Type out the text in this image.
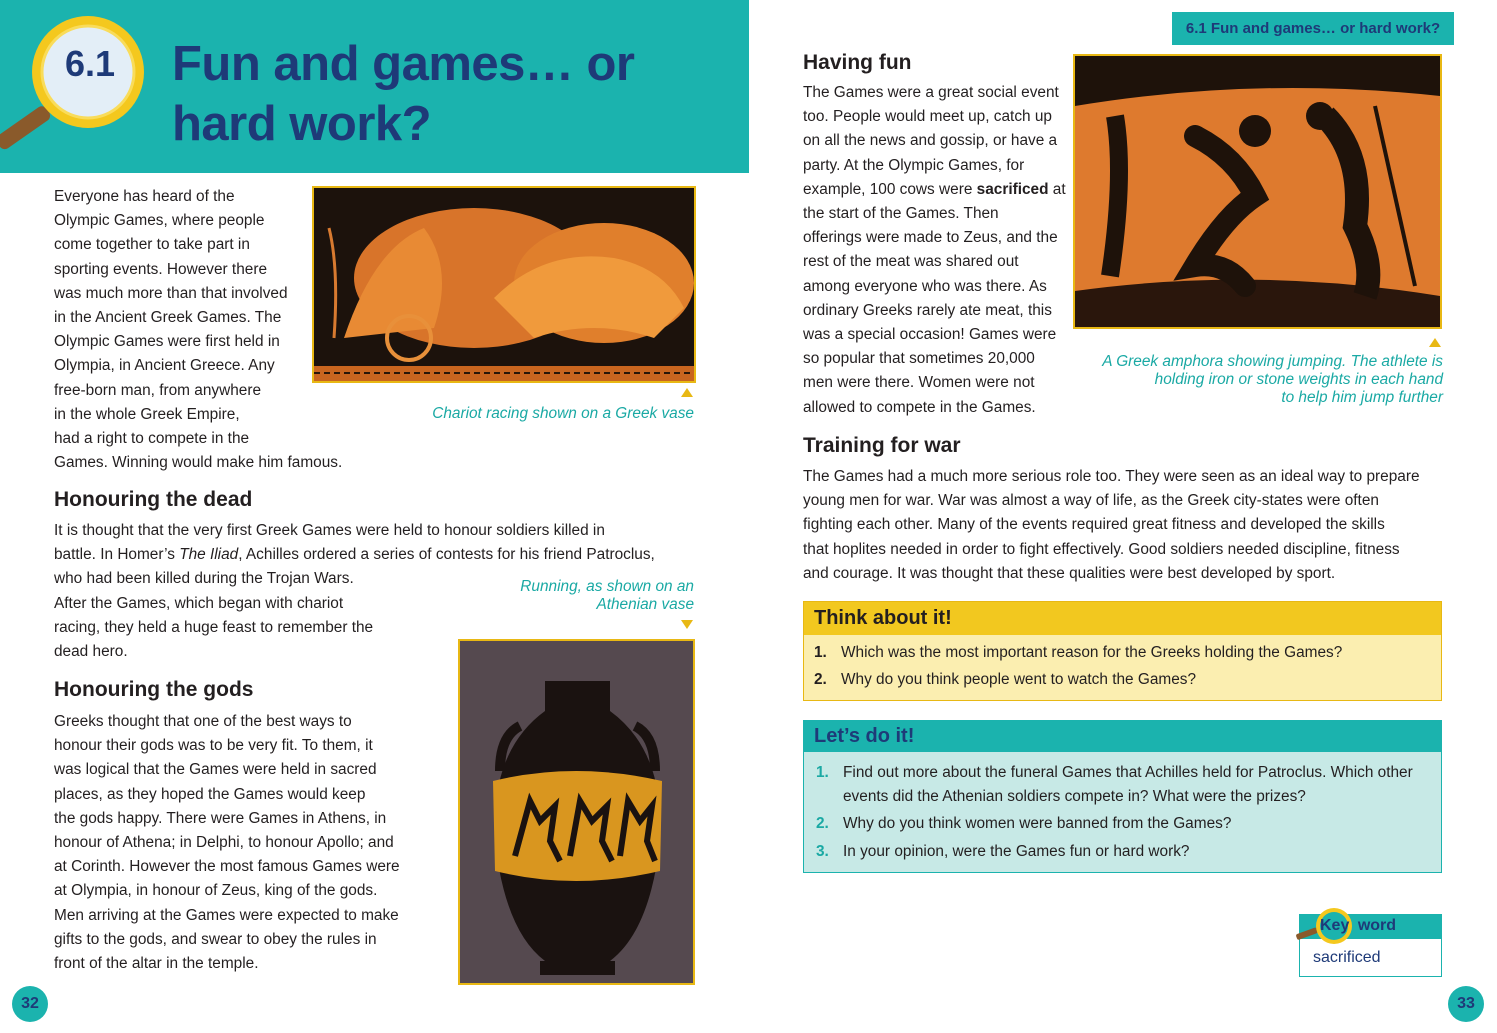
6.1	Fun and games… or
hard work?
Everyone has heard of the
Olympic Games, where people
come together to take part in
sporting events. However there
was much more than that involved
in the Ancient Greek Games. The
Olympic Games were first held in
Olympia, in Ancient Greece. Any
free-born man, from anywhere
in the whole Greek Empire,
had a right to compete in the
Games. Winning would make him famous.
Chariot racing shown on a Greek vase
Honouring the dead
It is thought that the very first Greek Games were held to honour soldiers killed in
battle. In Homer’s The Iliad, Achilles ordered a series of contests for his friend Patroclus,
who had been killed during the Trojan Wars.
After the Games, which began with chariot
racing, they held a huge feast to remember the
dead hero.
Running, as shown on an
Athenian vase
Honouring the gods
Greeks thought that one of the best ways to
honour their gods was to be very fit. To them, it
was logical that the Games were held in sacred
places, as they hoped the Games would keep
the gods happy. There were Games in Athens, in
honour of Athena; in Delphi, to honour Apollo; and
at Corinth. However the most famous Games were
at Olympia, in honour of Zeus, king of the gods.
Men arriving at the Games were expected to make
gifts to the gods, and swear to obey the rules in
front of the altar in the temple.
32
6.1 Fun and games… or hard work?
Having fun
The Games were a great social event
too. People would meet up, catch up
on all the news and gossip, or have a
party. At the Olympic Games, for
example, 100 cows were sacrificed at
the start of the Games. Then
offerings were made to Zeus, and the
rest of the meat was shared out
among everyone who was there. As
ordinary Greeks rarely ate meat, this
was a special occasion! Games were
so popular that sometimes 20,000
men were there. Women were not
allowed to compete in the Games.
A Greek amphora showing jumping. The athlete is
holding iron or stone weights in each hand
to help him jump further
Training for war
The Games had a much more serious role too. They were seen as an ideal way to prepare
young men for war. War was almost a way of life, as the Greek city-states were often
fighting each other. Many of the events required great fitness and developed the skills
that hoplites needed in order to fight effectively. Good soldiers needed discipline, fitness
and courage. It was thought that these qualities were best developed by sport.
Think about it!
1. Which was the most important reason for the Greeks holding the Games?
2. Why do you think people went to watch the Games?
Let’s do it!
1. Find out more about the funeral Games that Achilles held for Patroclus. Which other
events did the Athenian soldiers compete in? What were the prizes?
2. Why do you think women were banned from the Games?
3. In your opinion, were the Games fun or hard work?
Key word
sacrificed
33
